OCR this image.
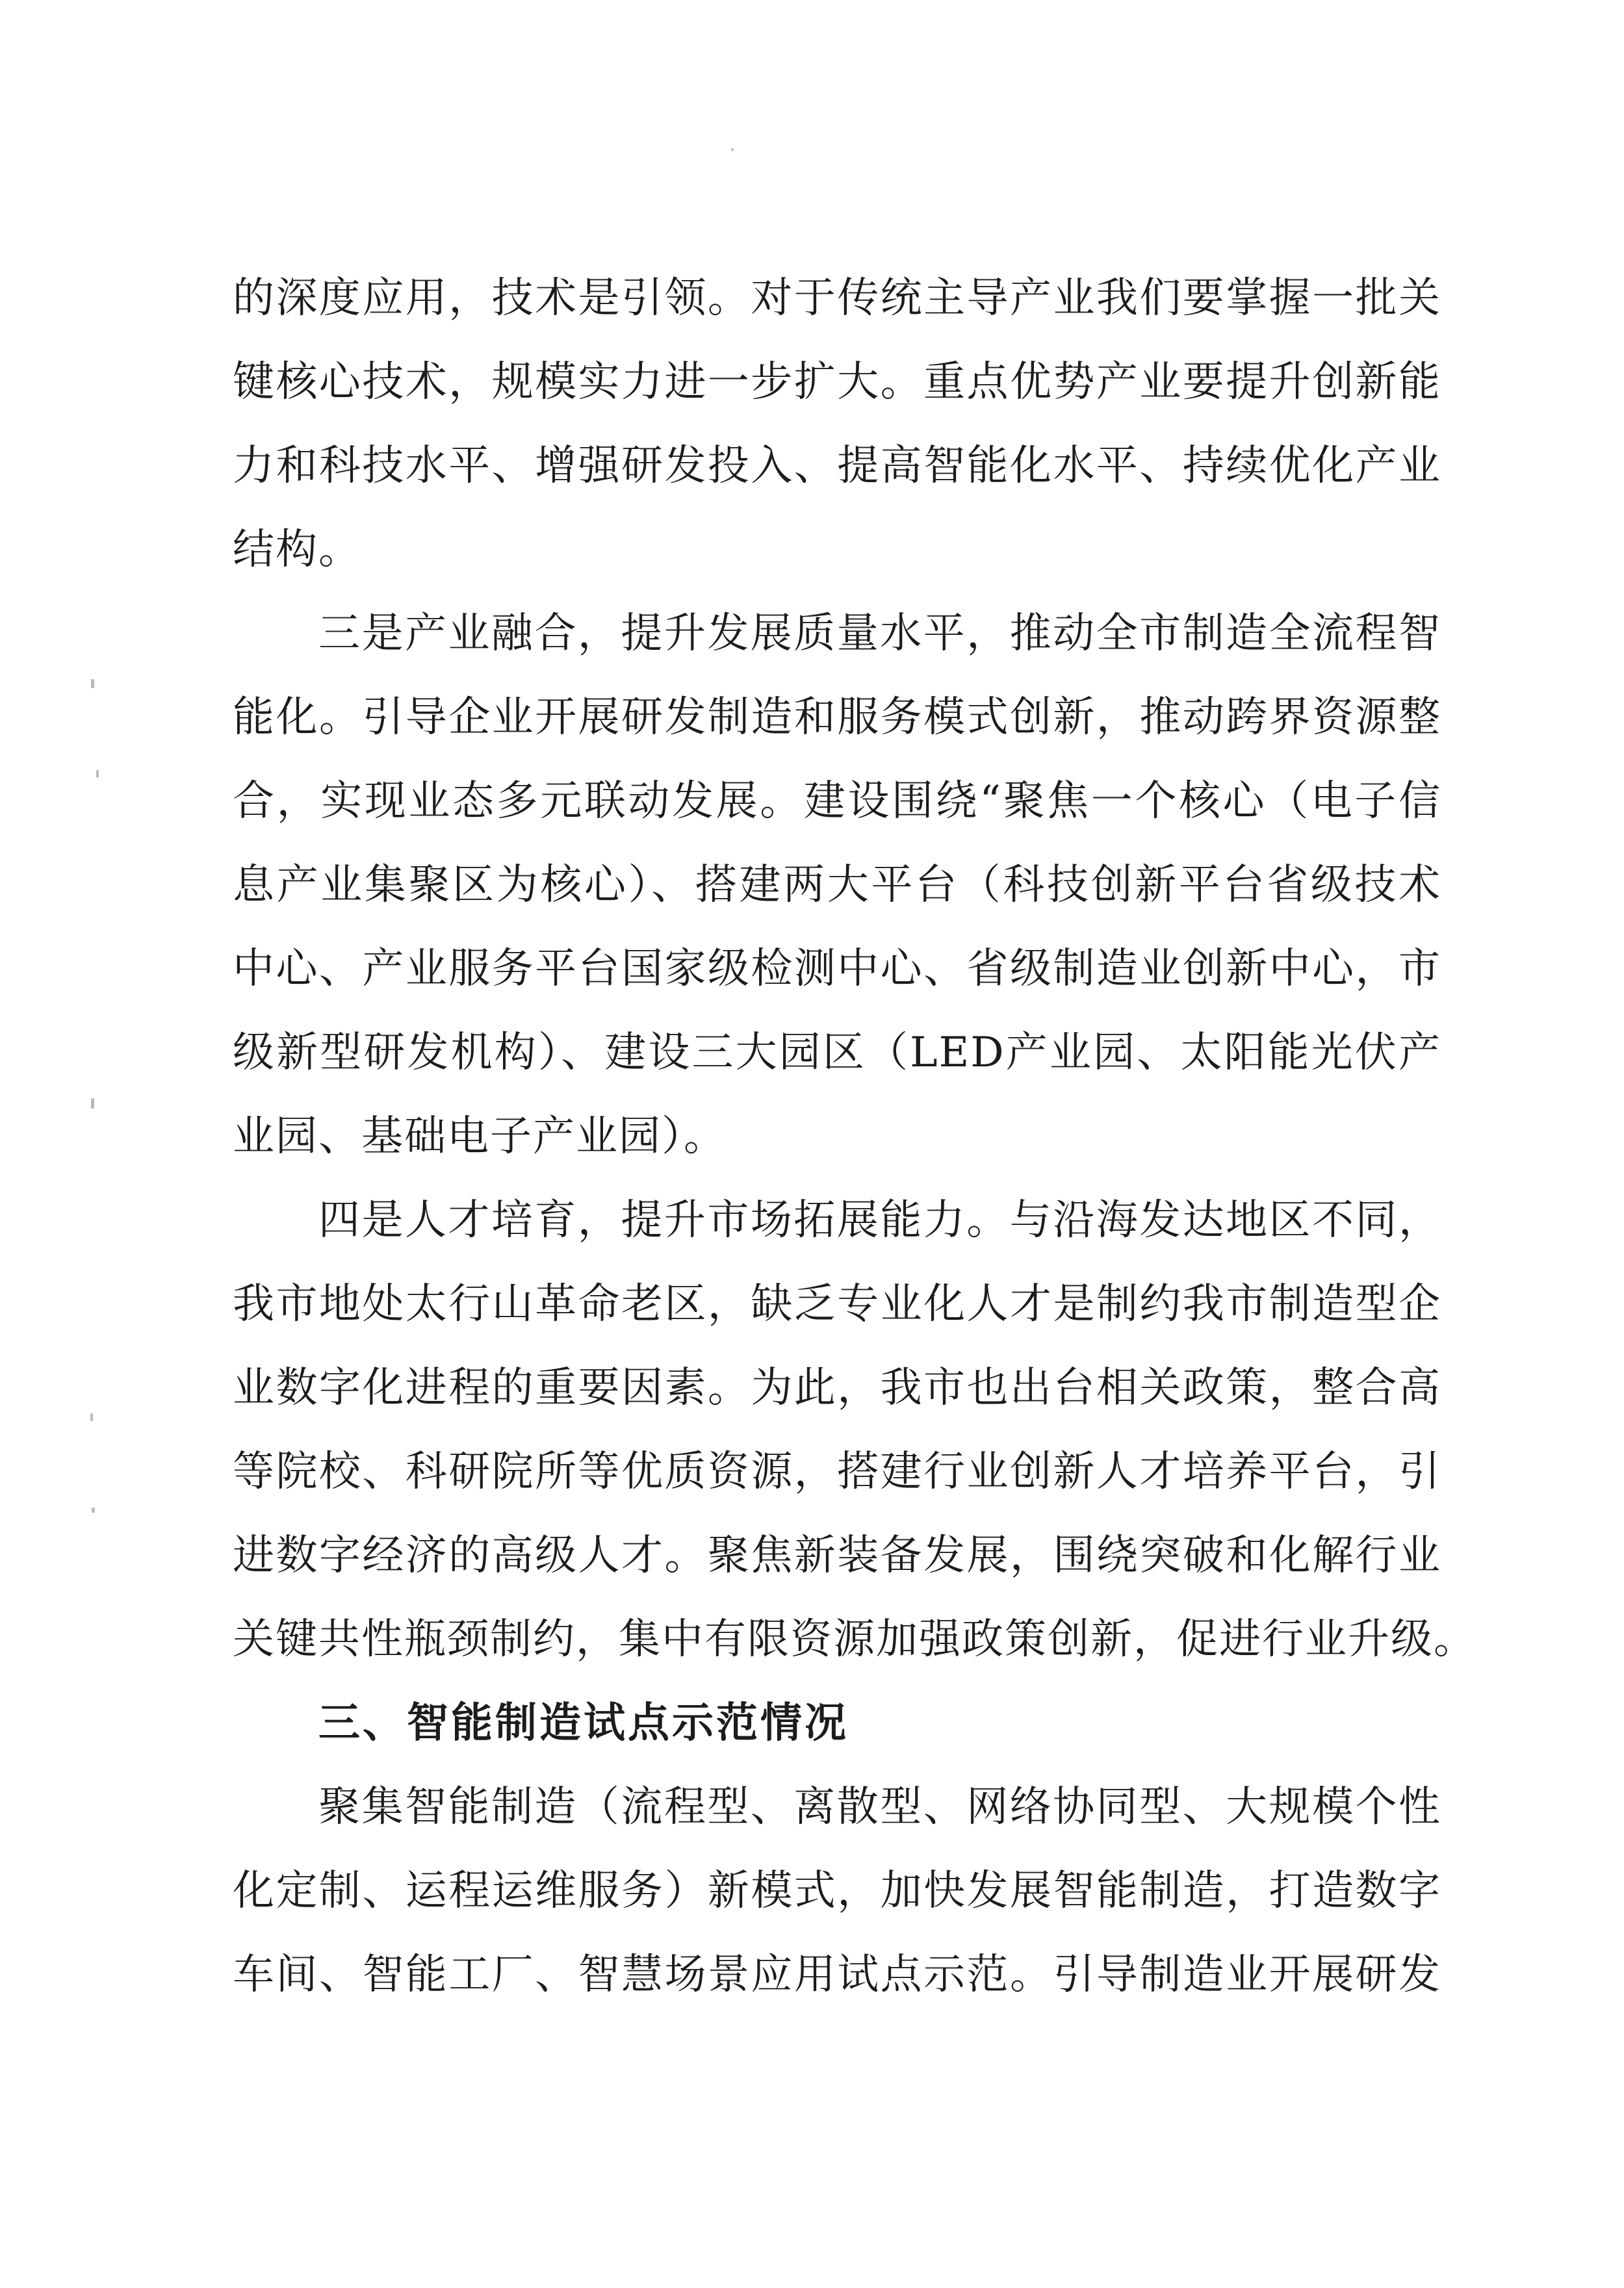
的深度应用，技术是引领。对于传统主导产业我们要掌握一批关
键核心技术，规模实力进一步扩大。重点优势产业要提升创新能
力和科技水平、增强研发投入、提高智能化水平、持续优化产业
结构。
三是产业融合，提升发展质量水平，推动全市制造全流程智
能化。引导企业开展研发制造和服务模式创新，推动跨界资源整
合，实现业态多元联动发展。建设围绕“聚焦一个核心（电子信
息产业集聚区为核心）、搭建两大平台（科技创新平台省级技术
中心、产业服务平台国家级检测中心、省级制造业创新中心，市
级新型研发机构）、建设三大园区（LED产业园、太阳能光伏产
业园、基础电子产业园）。
四是人才培育，提升市场拓展能力。与沿海发达地区不同，
我市地处太行山革命老区，缺乏专业化人才是制约我市制造型企
业数字化进程的重要因素。为此，我市也出台相关政策，整合高
等院校、科研院所等优质资源，搭建行业创新人才培养平台，引
进数字经济的高级人才。聚焦新装备发展，围绕突破和化解行业
关键共性瓶颈制约，集中有限资源加强政策创新，促进行业升级。
三、智能制造试点示范情况
聚集智能制造（流程型、离散型、网络协同型、大规模个性
化定制、运程运维服务）新模式，加快发展智能制造，打造数字
车间、智能工厂、智慧场景应用试点示范。引导制造业开展研发
